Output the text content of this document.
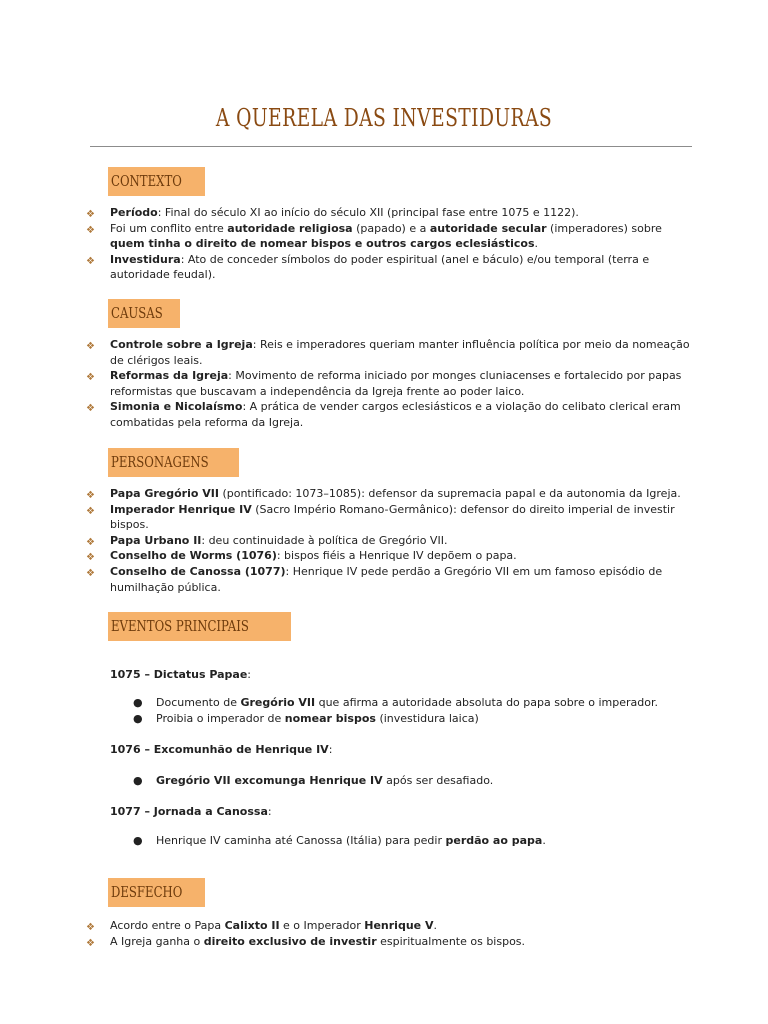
A QUERELA DAS INVESTIDURAS
CONTEXTO
❖ Período: Final do século XI ao início do século XII (principal fase entre 1075 e 1122).
❖ Foi um conflito entre autoridade religiosa (papado) e a autoridade secular (imperadores) sobre quem tinha o direito de nomear bispos e outros cargos eclesiásticos.
❖ Investidura: Ato de conceder símbolos do poder espiritual (anel e báculo) e/ou temporal (terra e autoridade feudal).
CAUSAS
❖ Controle sobre a Igreja: Reis e imperadores queriam manter influência política por meio da nomeação de clérigos leais.
❖ Reformas da Igreja: Movimento de reforma iniciado por monges cluniacenses e fortalecido por papas reformistas que buscavam a independência da Igreja frente ao poder laico.
❖ Simonia e Nicolaísmo: A prática de vender cargos eclesiásticos e a violação do celibato clerical eram combatidas pela reforma da Igreja.
PERSONAGENS
❖ Papa Gregório VII (pontificado: 1073–1085): defensor da supremacia papal e da autonomia da Igreja.
❖ Imperador Henrique IV (Sacro Império Romano-Germânico): defensor do direito imperial de investir bispos.
❖ Papa Urbano II: deu continuidade à política de Gregório VII.
❖ Conselho de Worms (1076): bispos fiéis a Henrique IV depõem o papa.
❖ Conselho de Canossa (1077): Henrique IV pede perdão a Gregório VII em um famoso episódio de humilhação pública.
EVENTOS PRINCIPAIS
1075 – Dictatus Papae:
● Documento de Gregório VII que afirma a autoridade absoluta do papa sobre o imperador.
● Proibia o imperador de nomear bispos (investidura laica)
1076 – Excomunhão de Henrique IV:
● Gregório VII excomunga Henrique IV após ser desafiado.
1077 – Jornada a Canossa:
● Henrique IV caminha até Canossa (Itália) para pedir perdão ao papa.
DESFECHO
❖ Acordo entre o Papa Calixto II e o Imperador Henrique V.
❖ A Igreja ganha o direito exclusivo de investir espiritualmente os bispos.
